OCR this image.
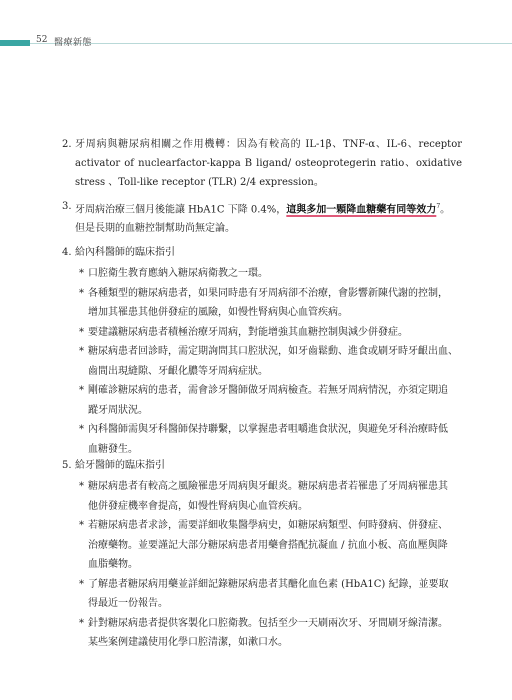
52 醫療新態
2. 牙周病與糖尿病相關之作用機轉：因為有較高的 IL-1β、TNF-α、IL-6、receptor
activator of nuclearfactor-kappa B ligand/ osteoprotegerin ratio、oxidative
stress 、Toll-like receptor (TLR) 2/4 expression。
3. 牙周病治療三個月後能讓 HbA1C 下降 0.4%，這與多加一顆降血糖藥有同等效力$^7$。
但是長期的血糖控制幫助尚無定論。
4. 給內科醫師的臨床指引
* 口腔衛生教育應納入糖尿病衛教之一環。
* 各種類型的糖尿病患者，如果同時患有牙周病卻不治療，會影響新陳代謝的控制，
增加其罹患其他併發症的風險，如慢性腎病與心血管疾病。
* 要建議糖尿病患者積極治療牙周病，對能增強其血糖控制與減少併發症。
* 糖尿病患者回診時，需定期詢問其口腔狀況，如牙齒鬆動、進食或刷牙時牙齦出血、
齒間出現縫隙、牙齦化膿等牙周病症狀。
* 剛確診糖尿病的患者，需會診牙醫師做牙周病檢查。若無牙周病情況，亦須定期追
蹤牙周狀況。
* 內科醫師需與牙科醫師保持聯繫，以掌握患者咀嚼進食狀況，與避免牙科治療時低
血糖發生。
5. 給牙醫師的臨床指引
* 糖尿病患者有較高之風險罹患牙周病與牙齦炎。糖尿病患者若罹患了牙周病罹患其
他併發症機率會提高，如慢性腎病與心血管疾病。
* 若糖尿病患者求診，需要詳細收集醫學病史，如糖尿病類型、何時發病、併發症、
治療藥物。並要謹記大部分糖尿病患者用藥會搭配抗凝血 / 抗血小板、高血壓與降
血脂藥物。
* 了解患者糖尿病用藥並詳細記錄糖尿病患者其醣化血色素 (HbA1C) 紀錄，並要取
得最近一份報告。
* 針對糖尿病患者提供客製化口腔衛教。包括至少一天刷兩次牙、牙間刷牙線清潔。
某些案例建議使用化學口腔清潔，如漱口水。
